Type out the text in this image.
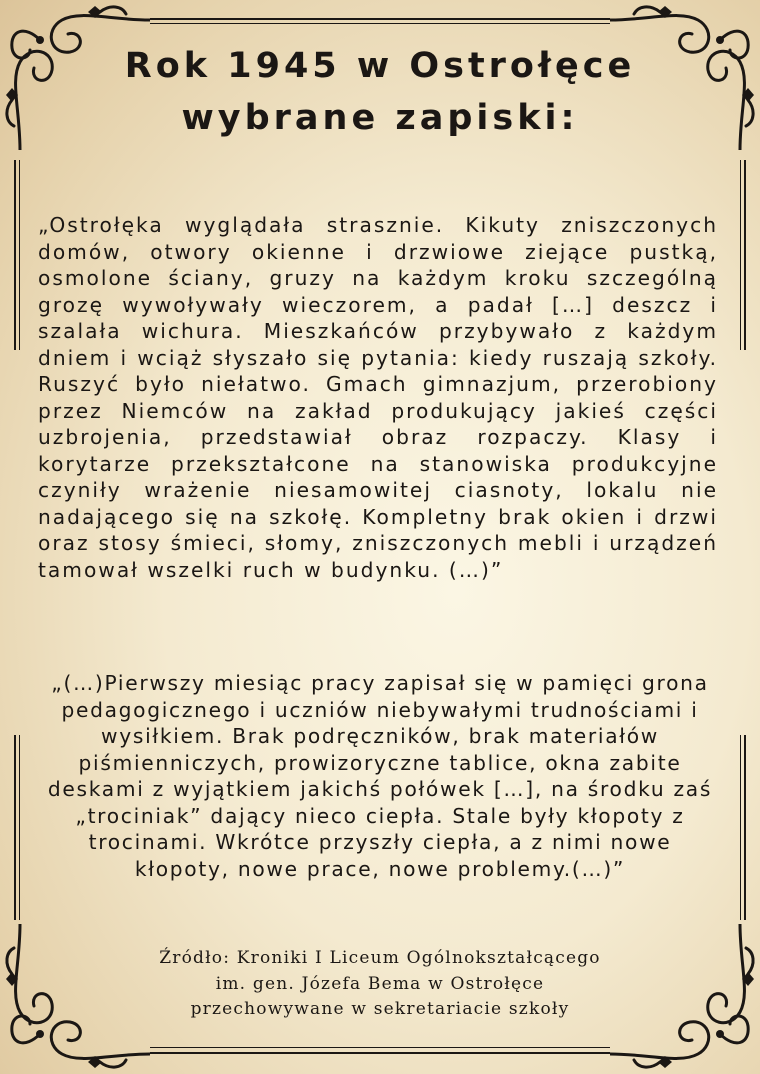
Rok 1945 w Ostrołęce
wybrane zapiski:

„Ostrołęka wyglądała strasznie. Kikuty zniszczonych domów, otwory okienne i drzwiowe ziejące pustką, osmolone ściany, gruzy na każdym kroku szczególną grozę wywoływały wieczorem, a padał […] deszcz i szalała wichura. Mieszkańców przybywało z każdym dniem i wciąż słyszało się pytania: kiedy ruszają szkoły. Ruszyć było niełatwo. Gmach gimnazjum, przerobiony przez Niemców na zakład produkujący jakieś części uzbrojenia, przedstawiał obraz rozpaczy. Klasy i korytarze przekształcone na stanowiska produkcyjne czyniły wrażenie niesamowitej ciasnoty, lokalu nie nadającego się na szkołę. Kompletny brak okien i drzwi oraz stosy śmieci, słomy, zniszczonych mebli i urządzeń tamował wszelki ruch w budynku. (…)”

„(…)Pierwszy miesiąc pracy zapisał się w pamięci grona
pedagogicznego i uczniów niebywałymi trudnościami i
wysiłkiem. Brak podręczników, brak materiałów
piśmienniczych, prowizoryczne tablice, okna zabite
deskami z wyjątkiem jakichś połówek […], na środku zaś
„trociniak” dający nieco ciepła. Stale były kłopoty z
trocinami. Wkrótce przyszły ciepła, a z nimi nowe
kłopoty, nowe prace, nowe problemy.(…)”

Źródło: Kroniki I Liceum Ogólnokształcącego
im. gen. Józefa Bema w Ostrołęce
przechowywane w sekretariacie szkoły
